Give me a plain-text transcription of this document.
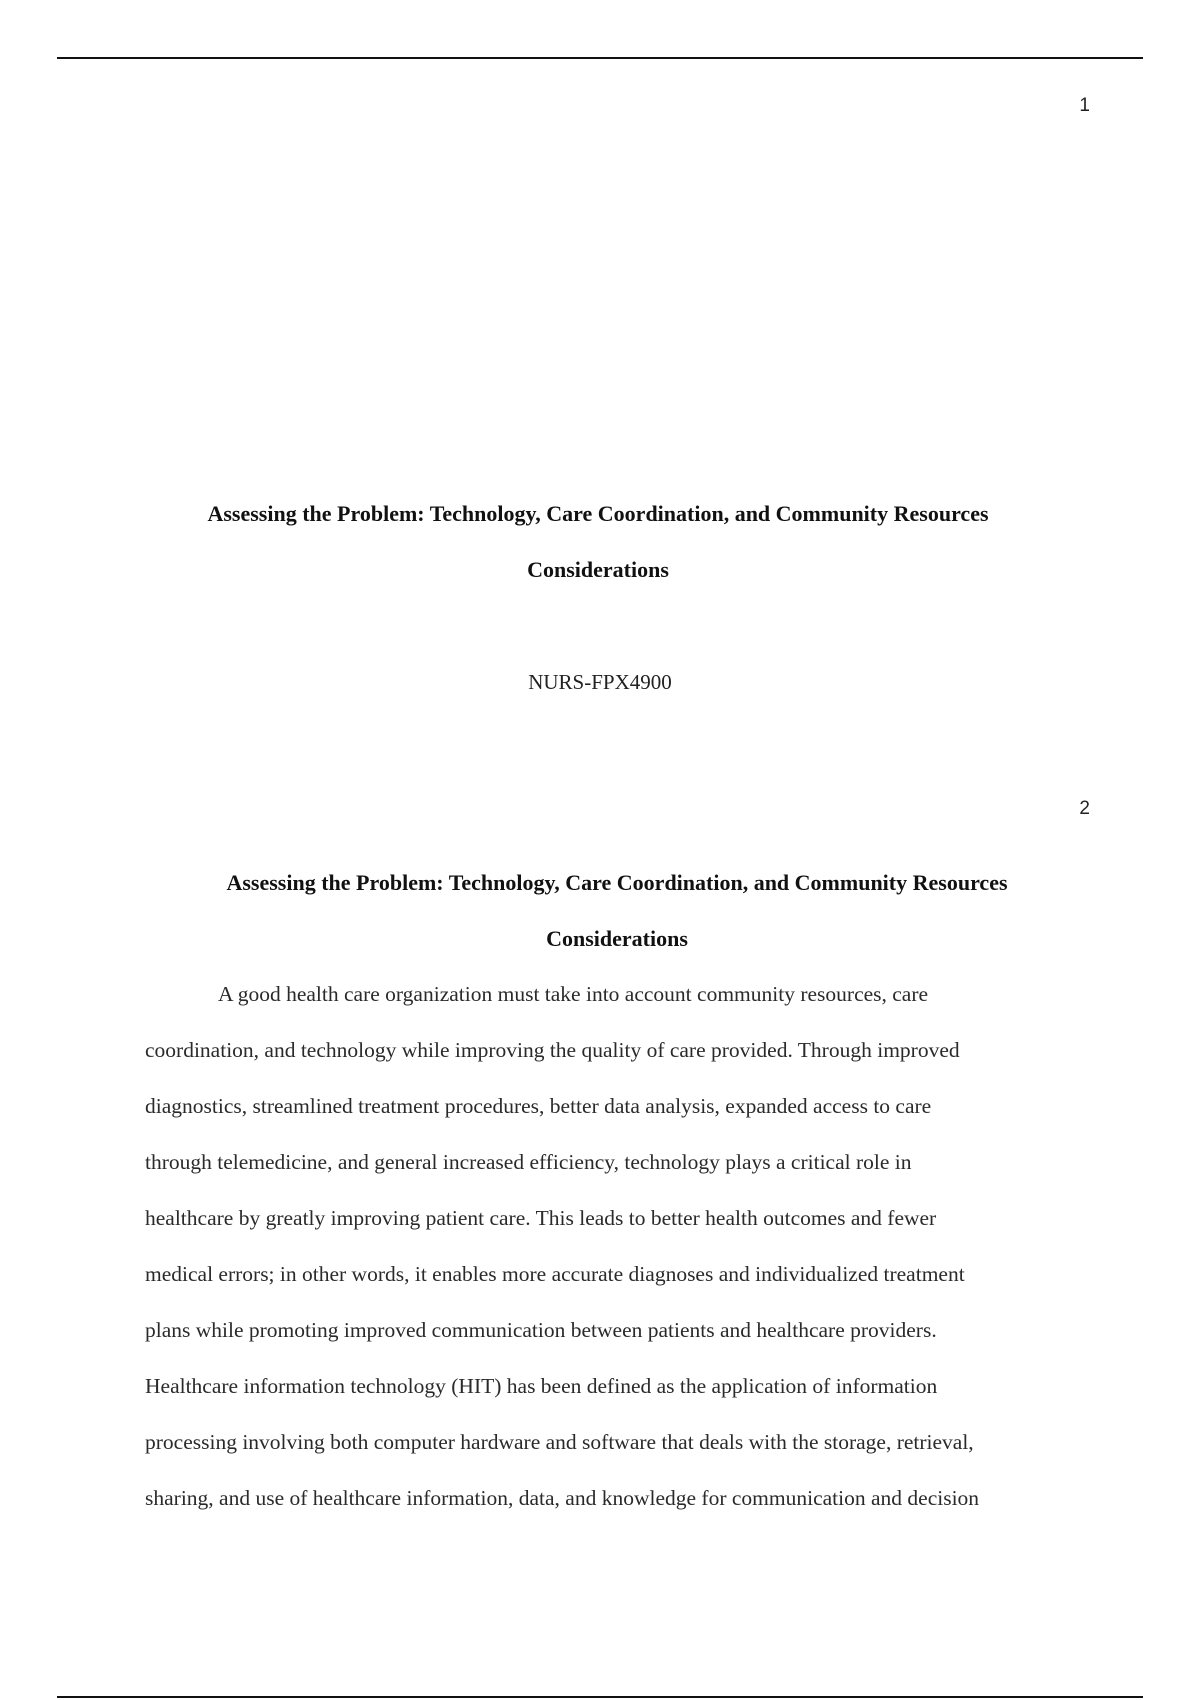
1
Assessing the Problem: Technology, Care Coordination, and Community Resources
Considerations
NURS-FPX4900
2
Assessing the Problem: Technology, Care Coordination, and Community Resources
Considerations
A good health care organization must take into account community resources, care
coordination, and technology while improving the quality of care provided. Through improved
diagnostics, streamlined treatment procedures, better data analysis, expanded access to care
through telemedicine, and general increased efficiency, technology plays a critical role in
healthcare by greatly improving patient care. This leads to better health outcomes and fewer
medical errors; in other words, it enables more accurate diagnoses and individualized treatment
plans while promoting improved communication between patients and healthcare providers.
Healthcare information technology (HIT) has been defined as the application of information
processing involving both computer hardware and software that deals with the storage, retrieval,
sharing, and use of healthcare information, data, and knowledge for communication and decision
